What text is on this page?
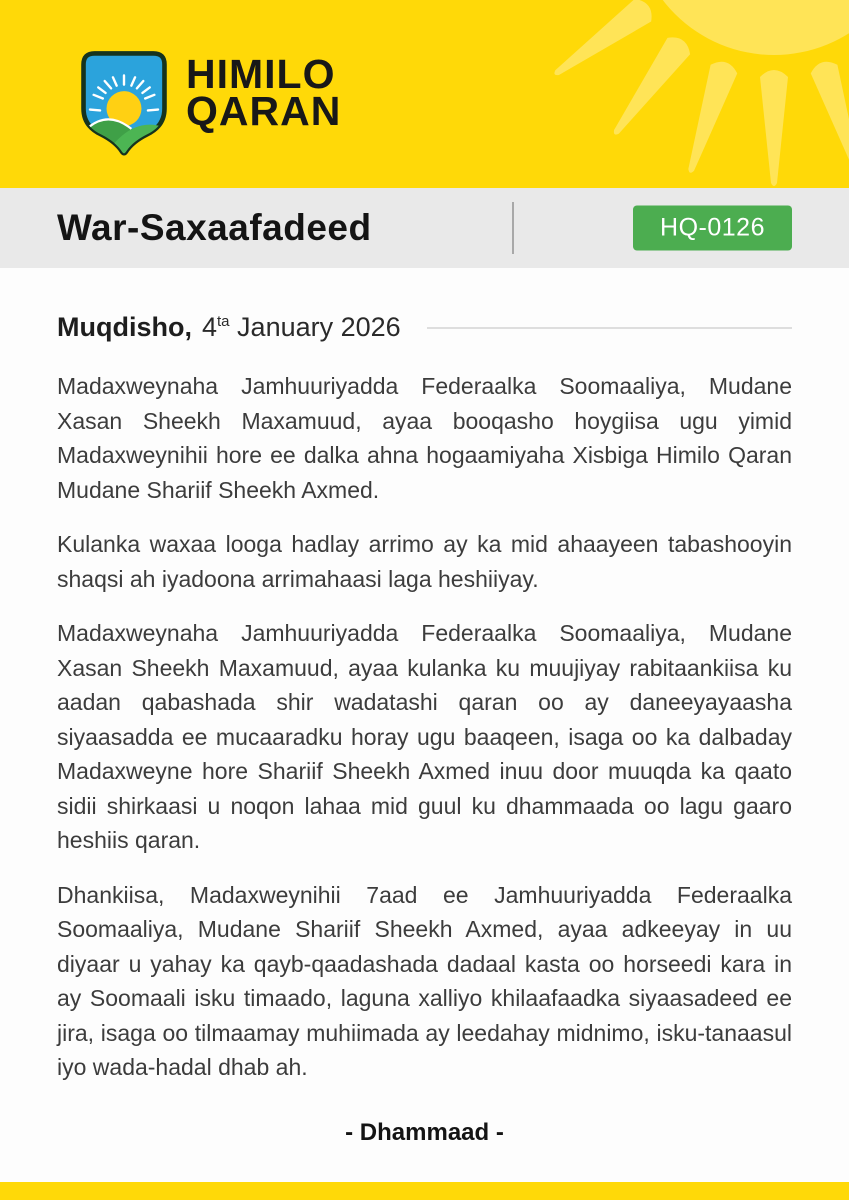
HIMILO
QARAN
War-Saxaafadeed	HQ-0126
Muqdisho, $4^{ta}$ January 2026

Madaxweynaha Jamhuuriyadda Federaalka Soomaaliya, Mudane Xasan Sheekh Maxamuud, ayaa booqasho hoygiisa ugu yimid Madaxweynihii hore ee dalka ahna hogaamiyaha Xisbiga Himilo Qaran Mudane Shariif Sheekh Axmed.

Kulanka waxaa looga hadlay arrimo ay ka mid ahaayeen tabashooyin shaqsi ah iyadoona arrimahaasi laga heshiiyay.

Madaxweynaha Jamhuuriyadda Federaalka Soomaaliya, Mudane Xasan Sheekh Maxamuud, ayaa kulanka ku muujiyay rabitaankiisa ku aadan qabashada shir wadatashi qaran oo ay daneeyayaasha siyaasadda ee mucaaradku horay ugu baaqeen, isaga oo ka dalbaday Madaxweyne hore Shariif Sheekh Axmed inuu door muuqda ka qaato sidii shirkaasi u noqon lahaa mid guul ku dhammaada oo lagu gaaro heshiis qaran.

Dhankiisa, Madaxweynihii 7aad ee Jamhuuriyadda Federaalka Soomaaliya, Mudane Shariif Sheekh Axmed, ayaa adkeeyay in uu diyaar u yahay ka qayb-qaadashada dadaal kasta oo horseedi kara in ay Soomaali isku timaado, laguna xalliyo khilaafaadka siyaasadeed ee jira, isaga oo tilmaamay muhiimada ay leedahay midnimo, isku-tanaasul iyo wada-hadal dhab ah.

- Dhammaad -
